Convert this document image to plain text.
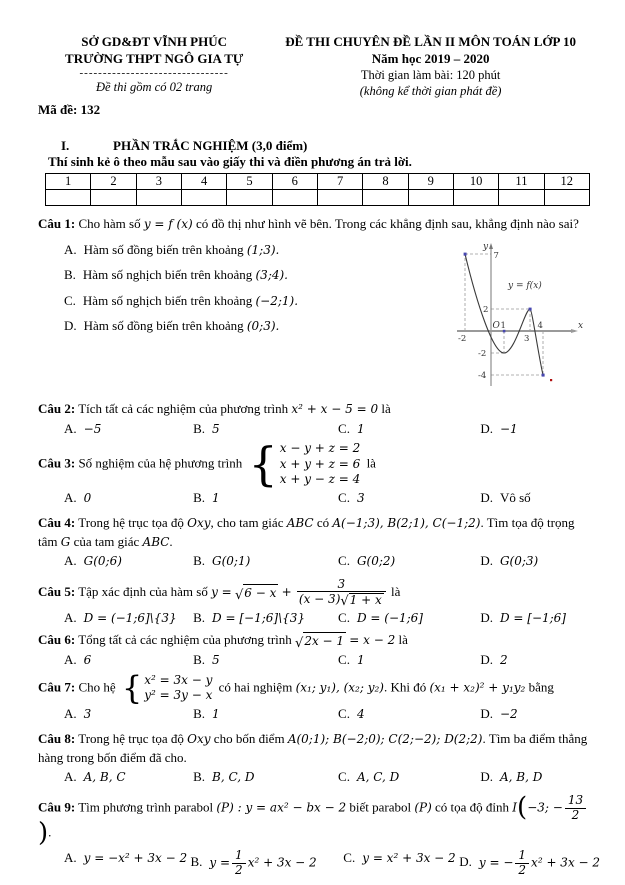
SỞ GD&ĐT VĨNH PHÚC
TRƯỜNG THPT NGÔ GIA TỰ
--------------------------------
Đề thi gồm có 02 trang
ĐỀ THI CHUYÊN ĐỀ LẦN II MÔN TOÁN LỚP 10
Năm học 2019 – 2020
Thời gian làm bài: 120 phút
(không kể thời gian phát đề)
Mã đề: 132
I.	PHẦN TRẮC NGHIỆM (3,0 điểm)
Thí sinh kẻ ô theo mẫu sau vào giấy thi và điền phương án trả lời.
1	2	3	4	5	6	7	8	9	10	11	12

Câu 1: Cho hàm số y = f (x) có đồ thị như hình vẽ bên. Trong các khẳng định sau, khẳng định nào sai?

A. Hàm số đồng biến trên khoảng (1;3).
B. Hàm số nghịch biến trên khoảng (3;4).
C. Hàm số nghịch biến trên khoảng (−2;1).
D. Hàm số đồng biến trên khoảng (0;3).
y
x
y = f(x)
7
2
-2
-4
-2
O 1
3
4

Câu 2: Tích tất cả các nghiệm của phương trình x² + x − 5 = 0 là

A. −5	B. 5	C. 1	D. −1

Câu 3: Số nghiệm của hệ phương trình { x − y + z = 2
x + y + z = 6
x + y − z = 4
là

A. 0	B. 1	C. 3	D. Vô số

Câu 4: Trong hệ trục tọa độ Oxy, cho tam giác ABC có A(−1;3), B(2;1), C(−1;2). Tìm tọa độ trọng tâm G của tam giác ABC.

A. G(0;6)	B. G(0;1)	C. G(0;2)	D. G(0;3)

Câu 5: Tập xác định của hàm số y = √ $6 - x + \frac{3}{(x - 3) √ 1 + x}$ là

A. D = (−1;6]\{3}	B. D = [−1;6]\{3}	C. D = (−1;6]	D. D = [−1;6]

Câu 6: Tổng tất cả các nghiệm của phương trình √ 2x − 1 = x − 2 là

A. 6	B. 5	C. 1	D. 2

Câu 7: Cho hệ { x² = 3x − y
y² = 3y − x
có hai nghiệm (x₁; y₁), (x₂; y₂). Khi đó (x₁ + x₂)² + y₁y₂ bằng

A. 3	B. 1	C. 4	D. −2

Câu 8: Trong hệ trục tọa độ Oxy cho bốn điểm A(0;1); B(−2;0); C(2;−2); D(2;2). Tìm ba điểm thẳng hàng trong bốn điểm đã cho.

A. A, B, C	B. B, C, D	C. A, C, D	D. A, B, D

Câu 9: Tìm phương trình parabol (P) : y = ax² − bx − 2 biết parabol (P) có tọa độ đỉnh I(−3; − $\frac{13}{2}$
).

A. y = −x² + 3x − 2 B. $y = \frac{1}{2} x^2 + 3x - 2$	C. y = x² + 3x − 2 D. y = − $\frac{1}{2} x^2 + 3x - 2$
